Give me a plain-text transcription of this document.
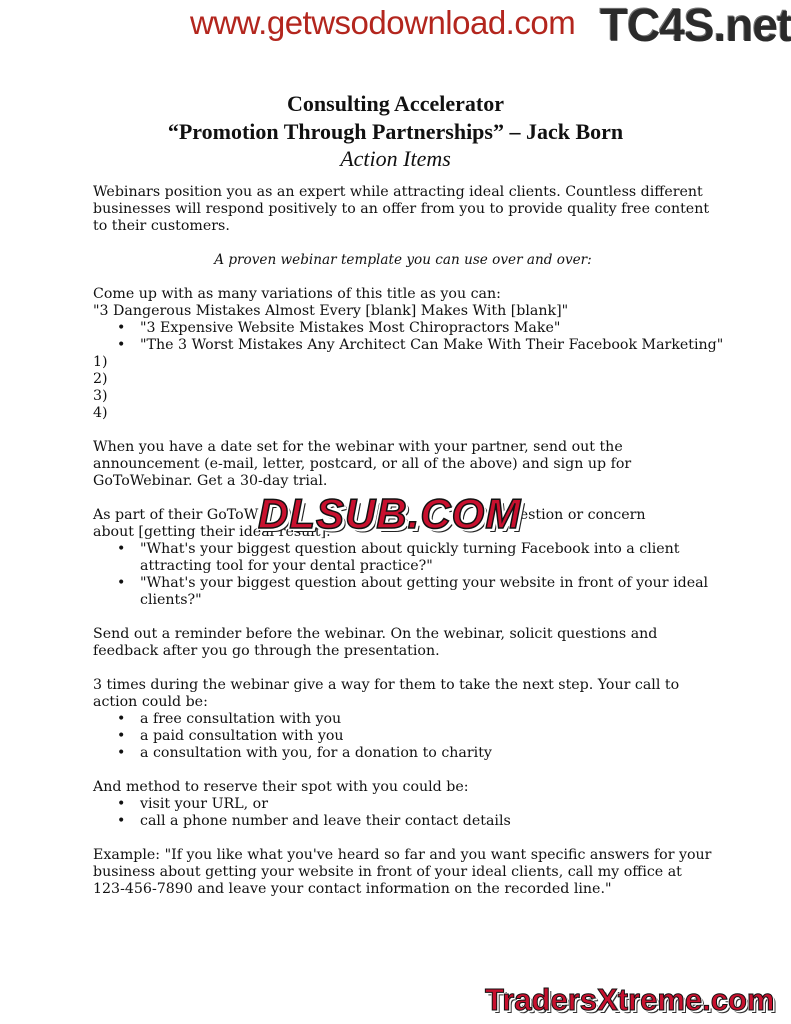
www.getwsodownload.com TC4S.net
Consulting Accelerator
“Promotion Through Partnerships” – Jack Born
Action Items

Webinars position you as an expert while attracting ideal clients. Countless different businesses will respond positively to an offer from you to provide quality free content to their customers.

A proven webinar template you can use over and over:

Come up with as many variations of this title as you can:

"3 Dangerous Mistakes Almost Every [blank] Makes With [blank]"

• "3 Expensive Website Mistakes Most Chiropractors Make"
• "The 3 Worst Mistakes Any Architect Can Make With Their Facebook Marketing"

1)

2)

3)

4)

When you have a date set for the webinar with your partner, send out the announcement (e-mail, letter, postcard, or all of the above) and sign up for GoToWebinar. Get a 30-day trial.

As part of their GoToW	t question or concern

about [getting their ideal result].

• "What's your biggest question about quickly turning Facebook into a client attracting tool for your dental practice?"
• "What's your biggest question about getting your website in front of your ideal clients?"

Send out a reminder before the webinar. On the webinar, solicit questions and feedback after you go through the presentation.

3 times during the webinar give a way for them to take the next step. Your call to action could be:

• a free consultation with you
• a paid consultation with you
• a consultation with you, for a donation to charity

And method to reserve their spot with you could be:

• visit your URL, or
• call a phone number and leave their contact details

Example: "If you like what you've heard so far and you want specific answers for your business about getting your website in front of your ideal clients, call my office at 123-456-7890 and leave your contact information on the recorded line."

DLSUB.COM
TradersXtreme.com
